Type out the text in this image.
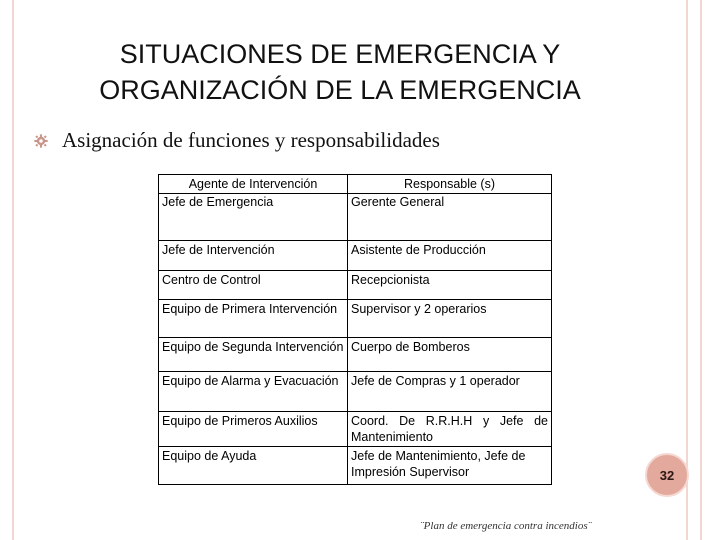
SITUACIONES DE EMERGENCIA Y
ORGANIZACIÓN DE LA EMERGENCIA
Asignación de funciones y responsabilidades
Agente de Intervención	Responsable (s)
Jefe de Emergencia	Gerente General
Jefe de Intervención	Asistente de Producción
Centro de Control	Recepcionista
Equipo de Primera Intervención	Supervisor y 2 operarios
Equipo de Segunda Intervención	Cuerpo de Bomberos
Equipo de Alarma y Evacuación	Jefe de Compras y 1 operador
Equipo de Primeros Auxilios	Coord. De R.R.H.H y Jefe de Mantenimiento
Equipo de Ayuda	Jefe de Mantenimiento, Jefe de Impresión Supervisor	32
¨Plan de emergencia contra incendios¨
